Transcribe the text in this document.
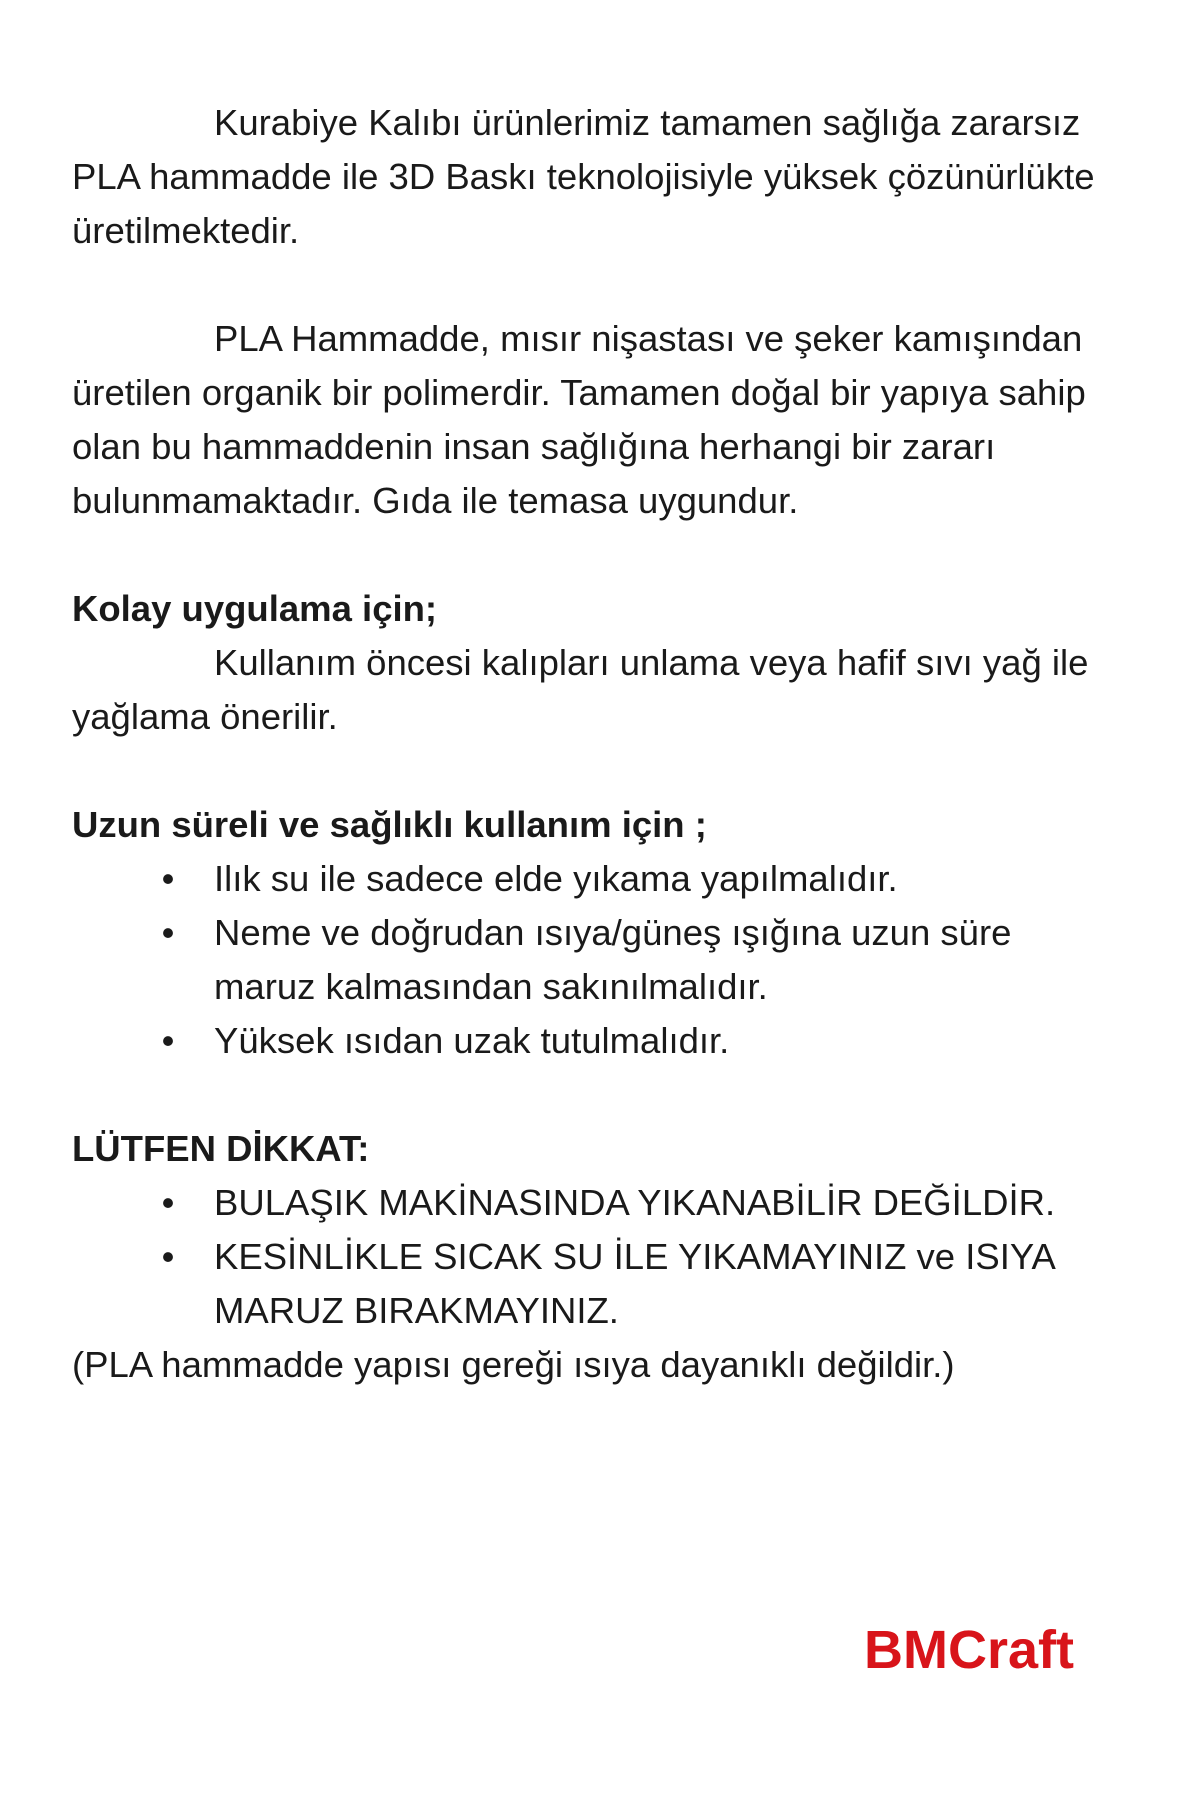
Kurabiye Kalıbı ürünlerimiz tamamen sağlığa zararsız PLA hammadde ile 3D Baskı teknolojisiyle yüksek çözünürlükte üretilmektedir.

PLA Hammadde, mısır nişastası ve şeker kamışından üretilen organik bir polimerdir. Tamamen doğal bir yapıya sahip olan bu hammaddenin insan sağlığına herhangi bir zararı bulunmamaktadır. Gıda ile temasa uygundur.

Kolay uygulama için;

Kullanım öncesi kalıpları unlama veya hafif sıvı yağ ile yağlama önerilir.

Uzun süreli ve sağlıklı kullanım için ;

•	Ilık su ile sadece elde yıkama yapılmalıdır.
•	Neme ve doğrudan ısıya/güneş ışığına uzun süre maruz kalmasından sakınılmalıdır.
•	Yüksek ısıdan uzak tutulmalıdır.

LÜTFEN DİKKAT:

•	BULAŞIK MAKİNASINDA YIKANABİLİR DEĞİLDİR.
•	KESİNLİKLE SICAK SU İLE YIKAMAYINIZ ve ISIYA MARUZ BIRAKMAYINIZ.

(PLA hammadde yapısı gereği ısıya dayanıklı değildir.)

BMCraft
